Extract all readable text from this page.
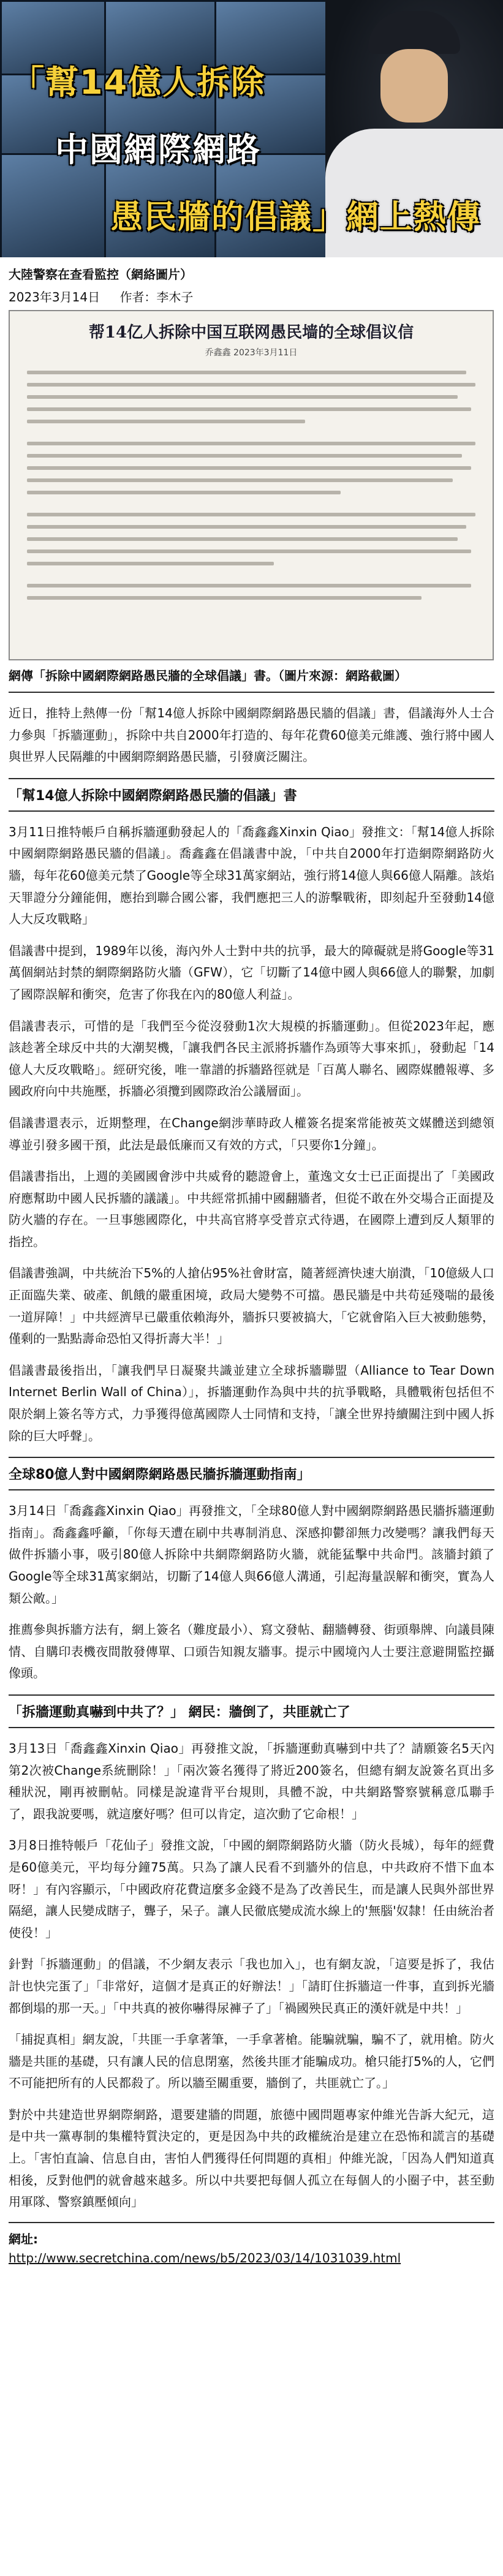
「幫14億人拆除
中國網際網路
愚民牆的倡議」網上熱傳
大陸警察在查看監控（網絡圖片）
2023年3月14日 作者：李木子
帮14亿人拆除中国互联网愚民墙的全球倡议信
乔鑫鑫 2023年3月11日
網傳「拆除中國網際網路愚民牆的全球倡議」書。（圖片來源：網路截圖）

近日，推特上熱傳一份「幫14億人拆除中國網際網路愚民牆的倡議」書，倡議海外人士合力參與「拆牆運動」，拆除中共自2000年打造的、每年花費60億美元維護、強行將中國人與世界人民隔離的中國網際網路愚民牆，引發廣泛關注。

「幫14億人拆除中國網際網路愚民牆的倡議」書

3月11日推特帳戶自稱拆牆運動發起人的「喬鑫鑫Xinxin Qiao」發推文：「幫14億人拆除中國網際網路愚民牆的倡議」。喬鑫鑫在倡議書中說，「中共自2000年打造網際網路防火牆，每年花60億美元禁了Google等全球31萬家網站，強行將14億人與66億人隔離。該焰天罪證分分鐘能佣，應抬到聯合國公審，我們應把三人的游擊戰術，即刻起升至發動14億人大反攻戰略」

倡議書中提到，1989年以後，海內外人士對中共的抗爭，最大的障礙就是將Google等31萬個網站封禁的網際網路防火牆（GFW），它「切斷了14億中國人與66億人的聯繫，加劇了國際誤解和衝突，危害了你我在內的80億人利益」。

倡議書表示，可惜的是「我們至今從沒發動1次大規模的拆牆運動」。但從2023年起，應該趁著全球反中共的大潮契機，「讓我們各民主派將拆牆作為頭等大事來抓」，發動起「14億人大反攻戰略」。經研究後，唯一靠譜的拆牆路徑就是「百萬人聯名、國際媒體報導、多國政府向中共施壓，拆牆必須攬到國際政治公議層面」。

倡議書還表示，近期整理，在Change網涉華時政人權簽名提案常能被英文媒體送到總領導並引發多國干預，此法是最低廉而又有效的方式，「只要你1分鐘」。

倡議書指出，上週的美國國會涉中共威脅的聽證會上，董逸文女士已正面提出了「美國政府應幫助中國人民拆牆的議議」。中共經常抓捕中國翻牆者，但從不敢在外交場合正面提及防火牆的存在。一旦事態國際化，中共高官將享受普京式待遇，在國際上遭到反人類罪的指控。

倡議書強調，中共統治下5%的人搶佔95%社會財富，隨著經濟快速大崩潰，「10億級人口正面臨失業、破產、飢餓的嚴重困境，政局大變勢不可擋。愚民牆是中共苟延殘喘的最後一道屏障！」中共經濟早已嚴重依賴海外，牆拆只要被搞大，「它就會陷入巨大被動態勢，僅剩的一點點壽命恐怕又得折壽大半！」

倡議書最後指出，「讓我們早日凝聚共識並建立全球拆牆聯盟（Alliance to Tear Down Internet Berlin Wall of China）」，拆牆運動作為與中共的抗爭戰略，具體戰術包括但不限於網上簽名等方式，力爭獲得億萬國際人士同情和支持，「讓全世界持續關注到中國人拆除的巨大呼聲」。

全球80億人對中國網際網路愚民牆拆牆運動指南」

3月14日「喬鑫鑫Xinxin Qiao」再發推文，「全球80億人對中國網際網路愚民牆拆牆運動指南」。喬鑫鑫呼籲，「你每天遭在刷中共專制消息、深感抑鬱卻無力改變嗎？讓我們每天做件拆牆小事，吸引80億人拆除中共網際網路防火牆，就能猛擊中共命門。該牆封鎖了Google等全球31萬家網站，切斷了14億人與66億人溝通，引起海量誤解和衝突，實為人類公敵。」

推薦參與拆牆方法有，網上簽名（難度最小）、寫文發帖、翻牆轉發、街頭舉牌、向議員陳情、自購印表機夜間散發傳單、口頭告知親友牆事。提示中國境內人士要注意避開監控攝像頭。

「拆牆運動真嚇到中共了？」 網民：牆倒了，共匪就亡了

3月13日「喬鑫鑫Xinxin Qiao」再發推文說，「拆牆運動真嚇到中共了？請願簽名5天內第2次被Change系統刪除！」「兩次簽名獲得了將近200簽名，但總有網友說簽名頁出多種狀況，剛再被刪帖。同樣是說違背平台規則，具體不說，中共網路警察號稱意瓜聯手了，跟我說要嗎，就這麼好嗎？但可以肯定，這次動了它命根！」

3月8日推特帳戶「花仙子」發推文說，「中國的網際網路防火牆（防火長城），每年的經費是60億美元，平均每分鐘75萬。只為了讓人民看不到牆外的信息，中共政府不惜下血本呀！」有內容顯示，「中國政府花費這麼多金錢不是為了改善民生，而是讓人民與外部世界隔絕，讓人民變成瞎子，聾子，呆子。讓人民徹底變成流水線上的'無腦'奴隸！任由統治者使役！」

針對「拆牆運動」的倡議，不少網友表示「我也加入」，也有網友說，「這要是拆了，我估計也快完蛋了」「非常好，這個才是真正的好辦法！」「請盯住拆牆這一件事，直到拆光牆都倒塌的那一天。」「中共真的被你嚇得尿褲子了」「禍國殃民真正的漢奸就是中共！」

「捕捉真相」網友說，「共匪一手拿著筆，一手拿著槍。能騙就騙，騙不了，就用槍。防火牆是共匪的基礎，只有讓人民的信息閉塞，然後共匪才能騙成功。槍只能打5%的人，它們不可能把所有的人民都殺了。所以牆至關重要，牆倒了，共匪就亡了。」

對於中共建造世界網際網路，還要建牆的問題，旅德中國問題專家仲維光告訴大紀元，這是中共一黨專制的集權特質決定的，更是因為中共的政權統治是建立在恐怖和謊言的基礎上。「害怕直論、信息自由，害怕人們獲得任何問題的真相」仲維光說，「因為人們知道真相後，反對他們的就會越來越多。所以中共要把每個人孤立在每個人的小圈子中，甚至動用軍隊、警察鎮壓傾向」

網址:
http://www.secretchina.com/news/b5/2023/03/14/1031039.html
